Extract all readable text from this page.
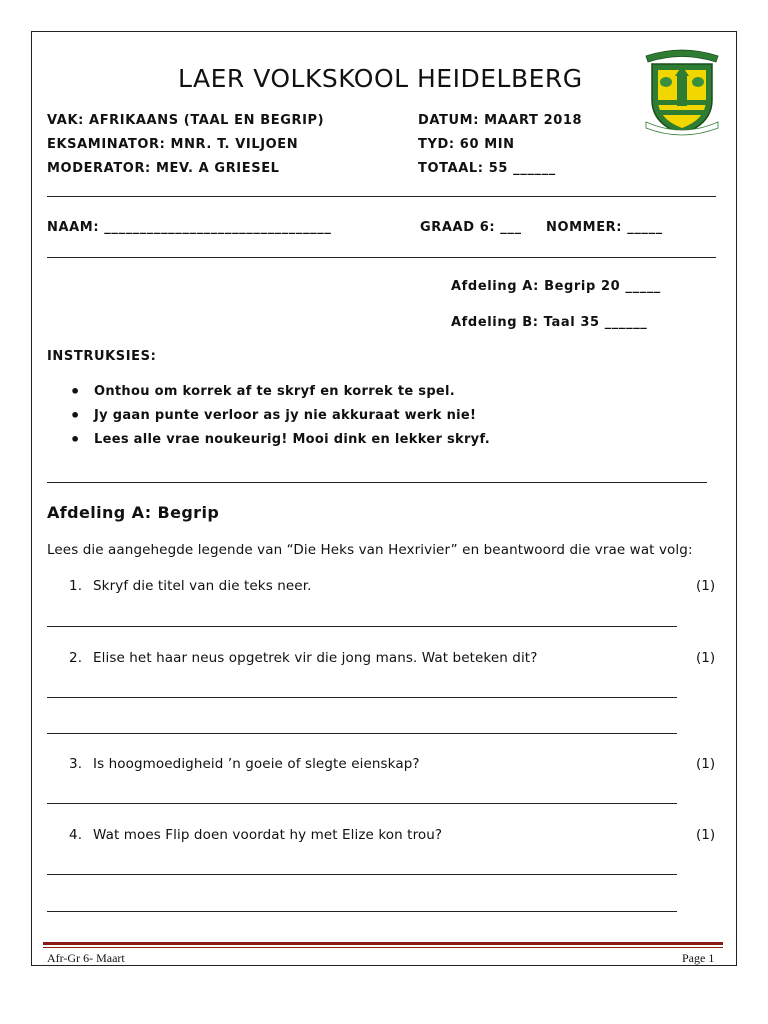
LAER VOLKSKOOL HEIDELBERG
VAK: AFRIKAANS (TAAL EN BEGRIP)
EKSAMINATOR: MNR. T. VILJOEN
MODERATOR: MEV. A GRIESEL
DATUM: MAART 2018
TYD: 60 MIN
TOTAAL: 55 ______
NAAM: ________________________________	GRAAD 6: ___ NOMMER: _____
Afdeling A: Begrip 20 _____
Afdeling B: Taal 35 ______
INSTRUKSIES:
• Onthou om korrek af te skryf en korrek te spel.
• Jy gaan punte verloor as jy nie akkuraat werk nie!
• Lees alle vrae noukeurig! Mooi dink en lekker skryf.
Afdeling A: Begrip
Lees die aangehegde legende van “Die Heks van Hexrivier” en beantwoord die vrae wat volg:
1. Skryf die titel van die teks neer.	(1)
2. Elise het haar neus opgetrek vir die jong mans. Wat beteken dit?	(1)
3. Is hoogmoedigheid ’n goeie of slegte eienskap?	(1)
4. Wat moes Flip doen voordat hy met Elize kon trou?	(1)
Afr-Gr 6- Maart	Page 1
